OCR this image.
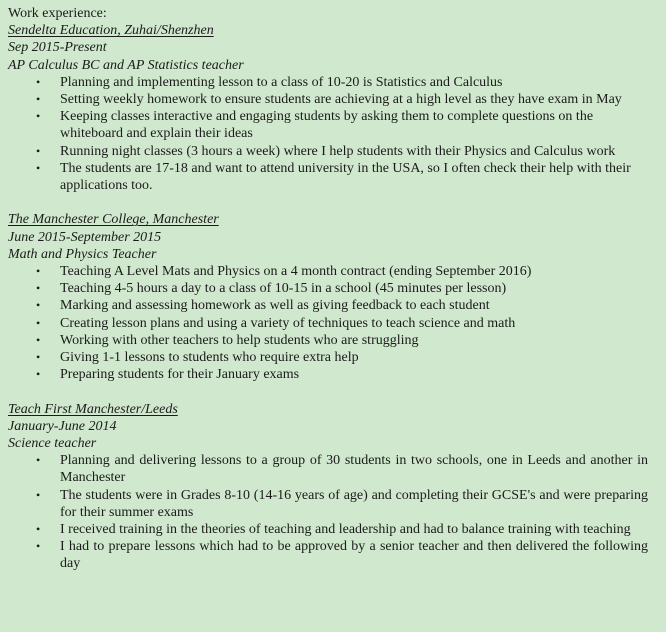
Work experience:

Sendelta Education, Zuhai/Shenzhen

Sep 2015-Present

AP Calculus BC and AP Statistics teacher

• Planning and implementing lesson to a class of 10-20 is Statistics and Calculus
• Setting weekly homework to ensure students are achieving at a high level as they have exam in May
• Keeping classes interactive and engaging students by asking them to complete questions on the whiteboard and explain their ideas
• Running night classes (3 hours a week) where I help students with their Physics and Calculus work
• The students are 17-18 and want to attend university in the USA, so I often check their help with their applications too.

The Manchester College, Manchester

June 2015-September 2015

Math and Physics Teacher

• Teaching A Level Mats and Physics on a 4 month contract (ending September 2016)
• Teaching 4-5 hours a day to a class of 10-15 in a school (45 minutes per lesson)
• Marking and assessing homework as well as giving feedback to each student
• Creating lesson plans and using a variety of techniques to teach science and math
• Working with other teachers to help students who are struggling
• Giving 1-1 lessons to students who require extra help
• Preparing students for their January exams

Teach First Manchester/Leeds

January-June 2014

Science teacher

• Planning and delivering lessons to a group of 30 students in two schools, one in Leeds and another in Manchester
• The students were in Grades 8-10 (14-16 years of age) and completing their GCSE's and were preparing for their summer exams
• I received training in the theories of teaching and leadership and had to balance training with teaching
• I had to prepare lessons which had to be approved by a senior teacher and then delivered the following day
